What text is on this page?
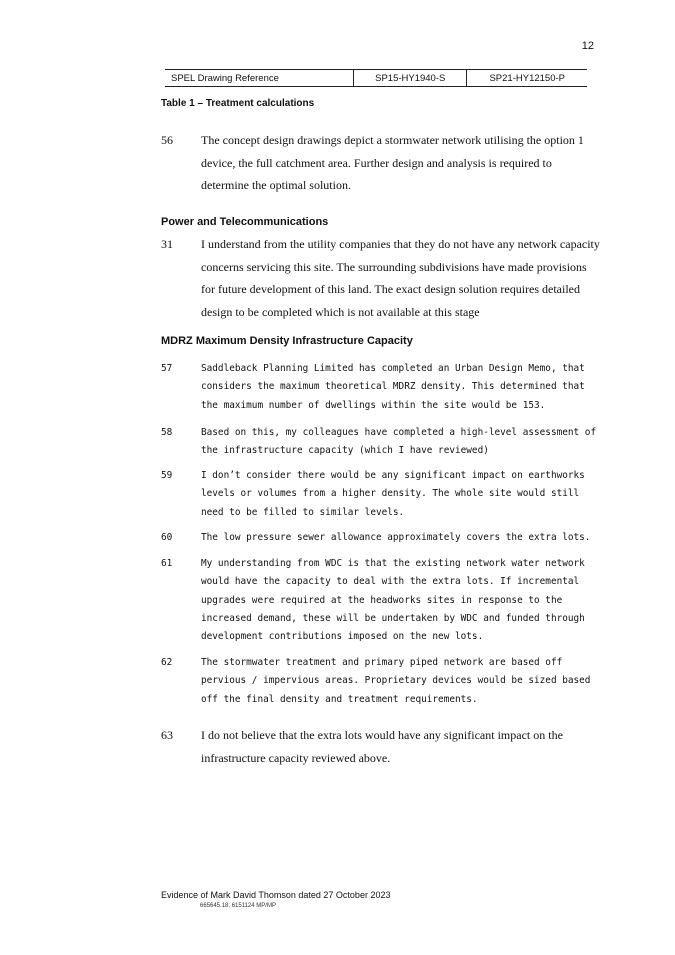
12
SPEL Drawing Reference	SP15-HY1940-S	SP21-HY12150-P
Table 1 – Treatment calculations
56 The concept design drawings depict a stormwater network utilising the option 1 device, the full catchment area. Further design and analysis is required to determine the optimal solution.
Power and Telecommunications
31 I understand from the utility companies that they do not have any network capacity concerns servicing this site. The surrounding subdivisions have made provisions for future development of this land. The exact design solution requires detailed design to be completed which is not available at this stage
MDRZ Maximum Density Infrastructure Capacity
57	Saddleback Planning Limited has completed an Urban Design Memo, that considers the maximum theoretical MDRZ density. This determined that the maximum number of dwellings within the site would be 153.
58	Based on this, my colleagues have completed a high-level assessment of the infrastructure capacity (which I have reviewed)
59	I don’t consider there would be any significant impact on earthworks levels or volumes from a higher density. The whole site would still need to be filled to similar levels.
60	The low pressure sewer allowance approximately covers the extra lots.
61	My understanding from WDC is that the existing network water network would have the capacity to deal with the extra lots. If incremental upgrades were required at the headworks sites in response to the increased demand, these will be undertaken by WDC and funded through development contributions imposed on the new lots.
62	The stormwater treatment and primary piped network are based off pervious / impervious areas. Proprietary devices would be sized based off the final density and treatment requirements.
63 I do not believe that the extra lots would have any significant impact on the infrastructure capacity reviewed above.
Evidence of Mark David Thomson dated 27 October 2023
665645.18; 6151124 MP/MP
